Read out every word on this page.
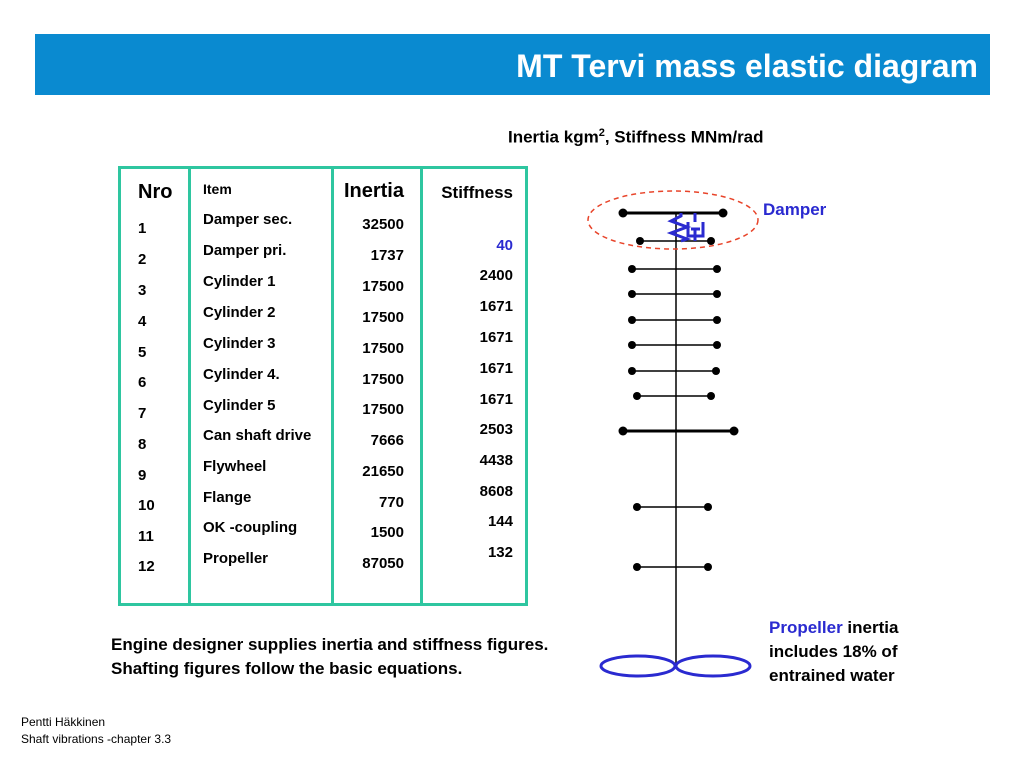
MT Tervi mass elastic diagram
Inertia kgm$^2$, Stiffness MNm/rad
Nro
1
2
3
4
5
6
7
8
9
10
11
12
Item
Damper sec.
Damper pri.
Cylinder 1
Cylinder 2
Cylinder 3
Cylinder 4.
Cylinder 5
Can shaft drive
Flywheel
Flange
OK -coupling
Propeller
Inertia
32500
1737
17500
17500
17500
17500
17500
7666
21650
770
1500
87050
Stiffness
40
2400
1671
1671
1671
1671
2503
4438
8608
144
132
Damper
Propeller inertia
includes 18% of
entrained water
Engine designer supplies inertia and stiffness figures. Shafting figures follow the basic equations.
Pentti Häkkinen
Shaft vibrations -chapter 3.3
